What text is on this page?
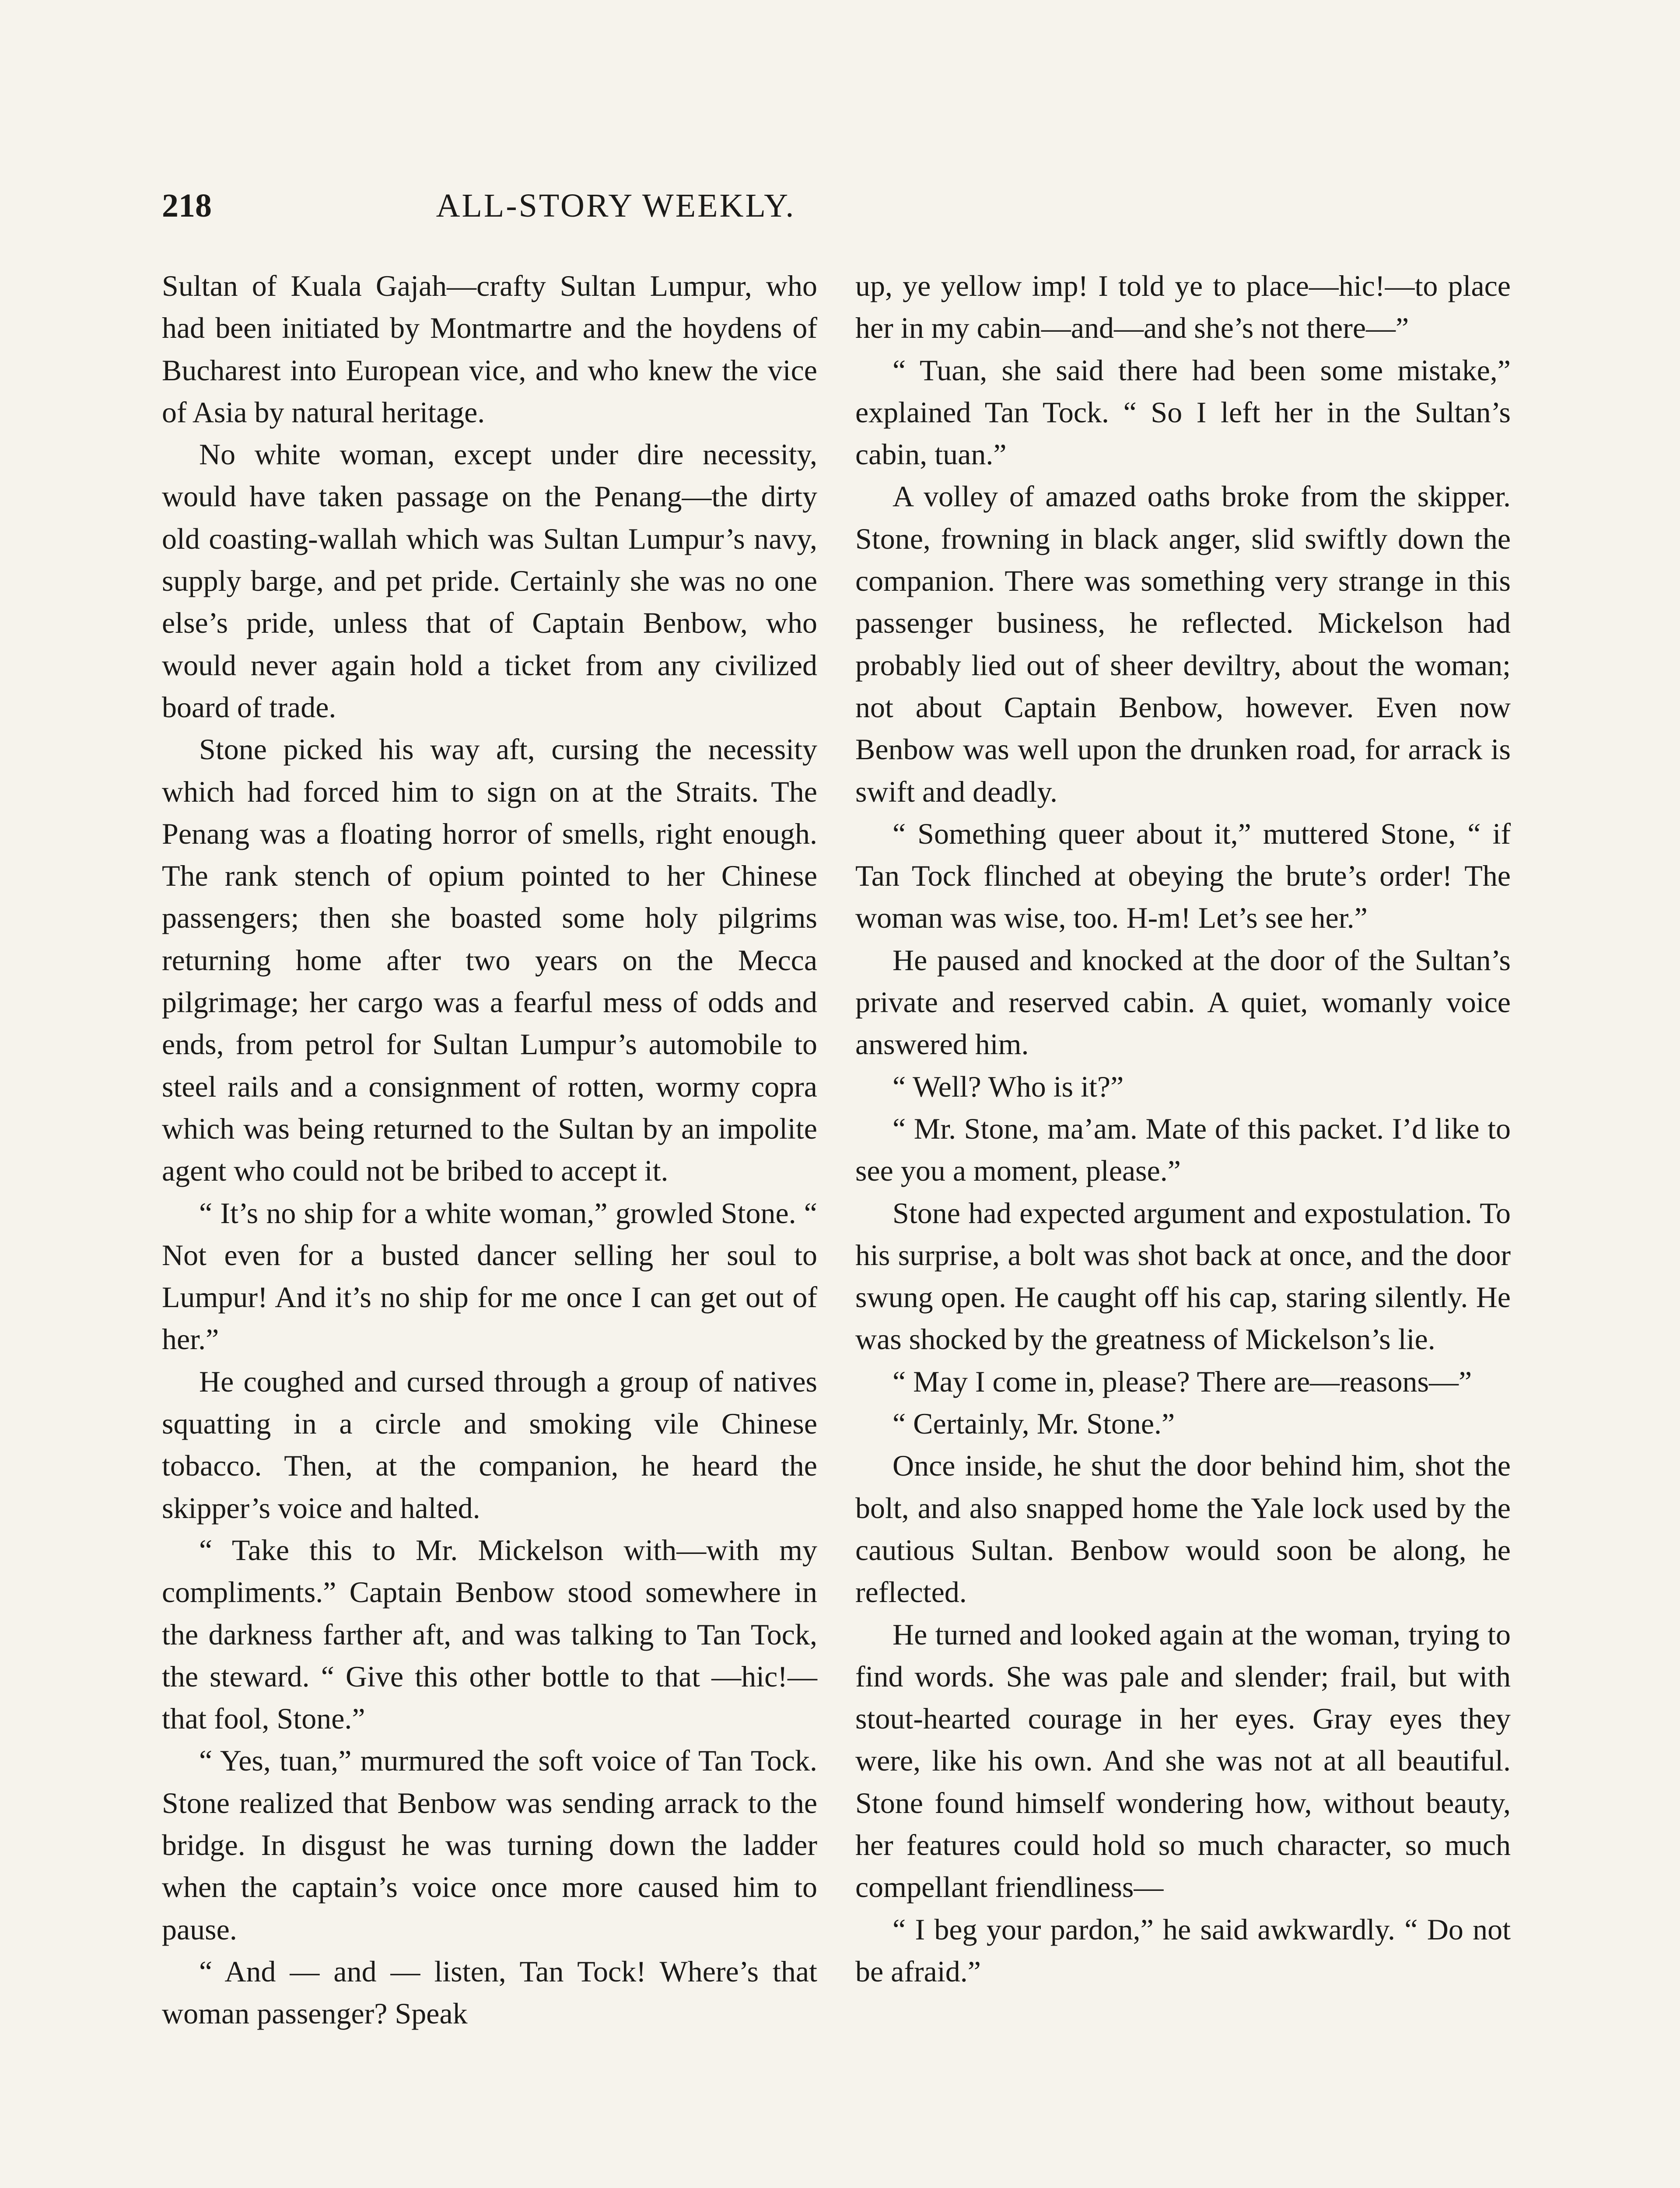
218	ALL-STORY WEEKLY.

Sultan of Kuala Gajah—crafty Sultan Lumpur, who had been initiated by Montmartre and the hoydens of Bucharest into European vice, and who knew the vice of Asia by natural heritage.

No white woman, except under dire necessity, would have taken passage on the Penang—the dirty old coasting-wallah which was Sultan Lumpur’s navy, supply barge, and pet pride. Certainly she was no one else’s pride, unless that of Captain Benbow, who would never again hold a ticket from any civilized board of trade.

Stone picked his way aft, cursing the necessity which had forced him to sign on at the Straits. The Penang was a floating horror of smells, right enough. The rank stench of opium pointed to her Chinese passengers; then she boasted some holy pilgrims returning home after two years on the Mecca pilgrimage; her cargo was a fearful mess of odds and ends, from petrol for Sultan Lumpur’s automobile to steel rails and a consignment of rotten, wormy copra which was being returned to the Sultan by an impolite agent who could not be bribed to accept it.

“ It’s no ship for a white woman,” growled Stone. “ Not even for a busted dancer selling her soul to Lumpur! And it’s no ship for me once I can get out of her.”

He coughed and cursed through a group of natives squatting in a circle and smoking vile Chinese tobacco. Then, at the companion, he heard the skipper’s voice and halted.

“ Take this to Mr. Mickelson with—with my compliments.” Captain Benbow stood somewhere in the darkness farther aft, and was talking to Tan Tock, the steward. “ Give this other bottle to that —hic!—that fool, Stone.”

“ Yes, tuan,” murmured the soft voice of Tan Tock. Stone realized that Benbow was sending arrack to the bridge. In disgust he was turning down the ladder when the captain’s voice once more caused him to pause.

“ And — and — listen, Tan Tock! Where’s that woman passenger? Speak

up, ye yellow imp! I told ye to place—hic!—to place her in my cabin—and—and she’s not there—”

“ Tuan, she said there had been some mistake,” explained Tan Tock. “ So I left her in the Sultan’s cabin, tuan.”

A volley of amazed oaths broke from the skipper. Stone, frowning in black anger, slid swiftly down the companion. There was something very strange in this passenger business, he reflected. Mickelson had probably lied out of sheer deviltry, about the woman; not about Captain Benbow, however. Even now Benbow was well upon the drunken road, for arrack is swift and deadly.

“ Something queer about it,” muttered Stone, “ if Tan Tock flinched at obeying the brute’s order! The woman was wise, too. H-m! Let’s see her.”

He paused and knocked at the door of the Sultan’s private and reserved cabin. A quiet, womanly voice answered him.

“ Well? Who is it?”

“ Mr. Stone, ma’am. Mate of this packet. I’d like to see you a moment, please.”

Stone had expected argument and expostulation. To his surprise, a bolt was shot back at once, and the door swung open. He caught off his cap, staring silently. He was shocked by the greatness of Mickelson’s lie.

“ May I come in, please? There are—reasons—”

“ Certainly, Mr. Stone.”

Once inside, he shut the door behind him, shot the bolt, and also snapped home the Yale lock used by the cautious Sultan. Benbow would soon be along, he reflected.

He turned and looked again at the woman, trying to find words. She was pale and slender; frail, but with stout-hearted courage in her eyes. Gray eyes they were, like his own. And she was not at all beautiful. Stone found himself wondering how, without beauty, her features could hold so much character, so much compellant friendliness—

“ I beg your pardon,” he said awkwardly. “ Do not be afraid.”
